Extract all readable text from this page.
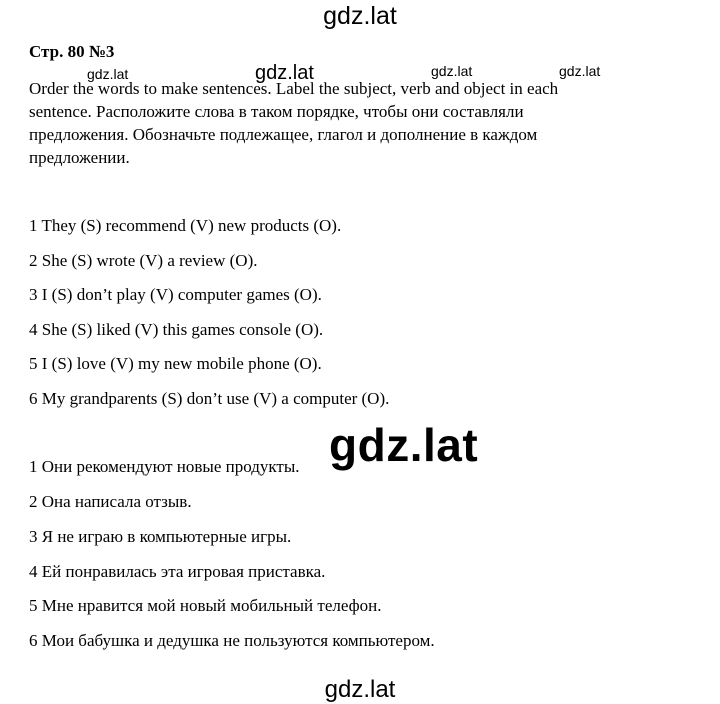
gdz.lat
Стр. 80 №3
Order the words to make sentences. Label the subject, verb and object in each
sentence. Расположите слова в таком порядке, чтобы они составляли
предложения. Обозначьте подлежащее, глагол и дополнение в каждом
предложении.
gdz.lat	gdz.lat	gdz.lat	gdz.lat
1 They (S) recommend (V) new products (O).
2 She (S) wrote (V) a review (O).
3 I (S) don’t play (V) computer games (O).
4 She (S) liked (V) this games console (O).
5 I (S) love (V) my new mobile phone (O).
6 My grandparents (S) don’t use (V) a computer (O).
gdz.lat
1 Они рекомендуют новые продукты.
2 Она написала отзыв.
3 Я не играю в компьютерные игры.
4 Ей понравилась эта игровая приставка.
5 Мне нравится мой новый мобильный телефон.
6 Мои бабушка и дедушка не пользуются компьютером.
gdz.lat
